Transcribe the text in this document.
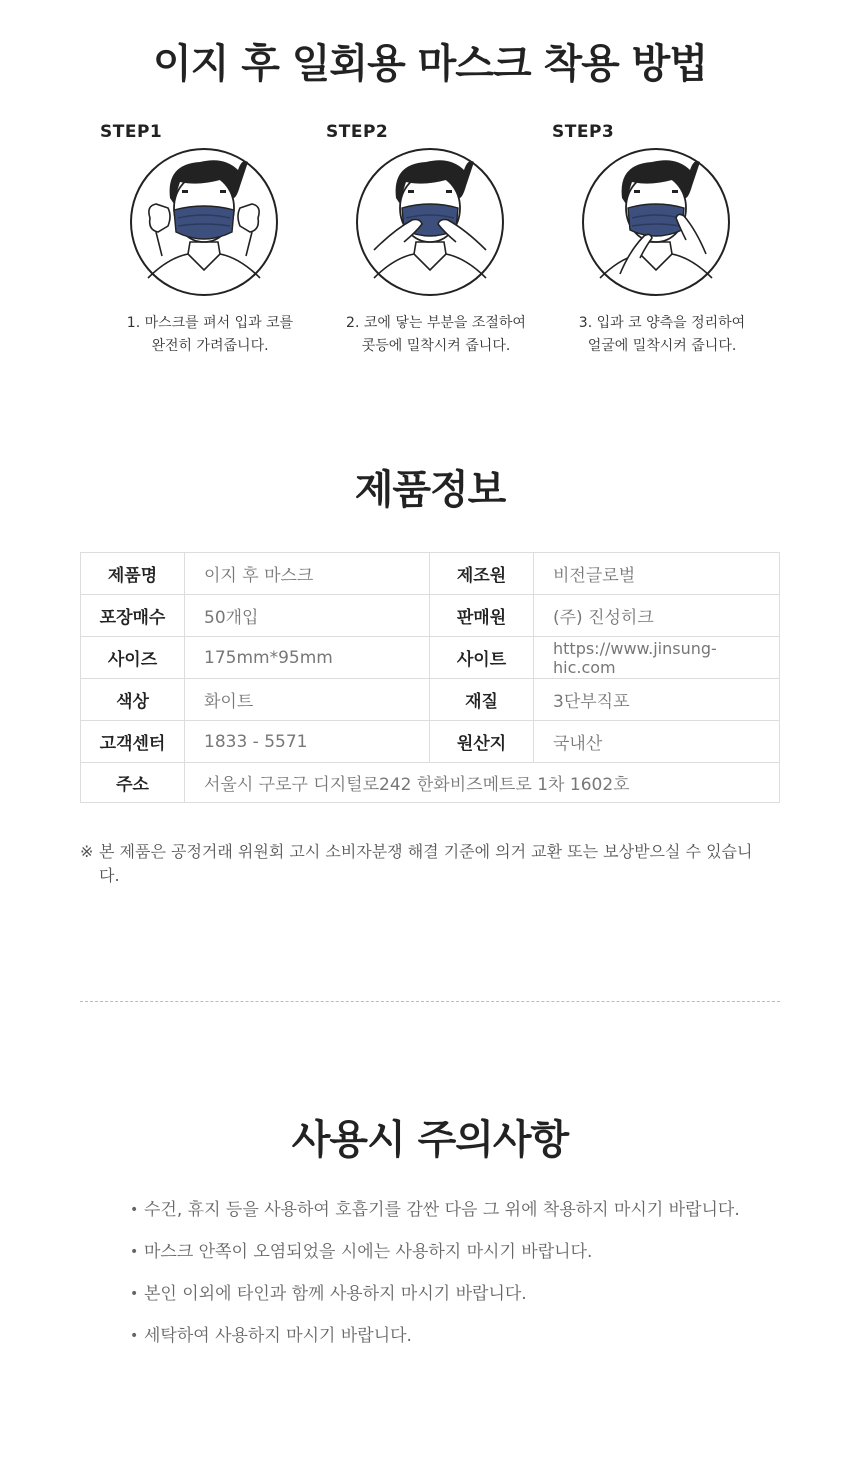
이지 후 일회용 마스크 착용 방법
STEP1
1. 마스크를 펴서 입과 코를
완전히 가려줍니다.
STEP2
2. 코에 닿는 부분을 조절하여
콧등에 밀착시켜 줍니다.
STEP3
3. 입과 코 양측을 정리하여
얼굴에 밀착시켜 줍니다.
제품정보
제품명	이지 후 마스크	제조원	비전글로벌
포장매수	50개입	판매원	(주) 진성히크
사이즈	175mm*95mm	사이트	https://www.jinsung-hic.com
색상	화이트	재질	3단부직포
고객센터	1833 - 5571	원산지	국내산
주소	서울시 구로구 디지털로242 한화비즈메트로 1차 1602호		
※ 본 제품은 공정거래 위원회 고시 소비자분쟁 해결 기준에 의거 교환 또는 보상받으실 수 있습니다.
사용시 주의사항
• 수건, 휴지 등을 사용하여 호흡기를 감싼 다음 그 위에 착용하지 마시기 바랍니다.
• 마스크 안쪽이 오염되었을 시에는 사용하지 마시기 바랍니다.
• 본인 이외에 타인과 함께 사용하지 마시기 바랍니다.
• 세탁하여 사용하지 마시기 바랍니다.
